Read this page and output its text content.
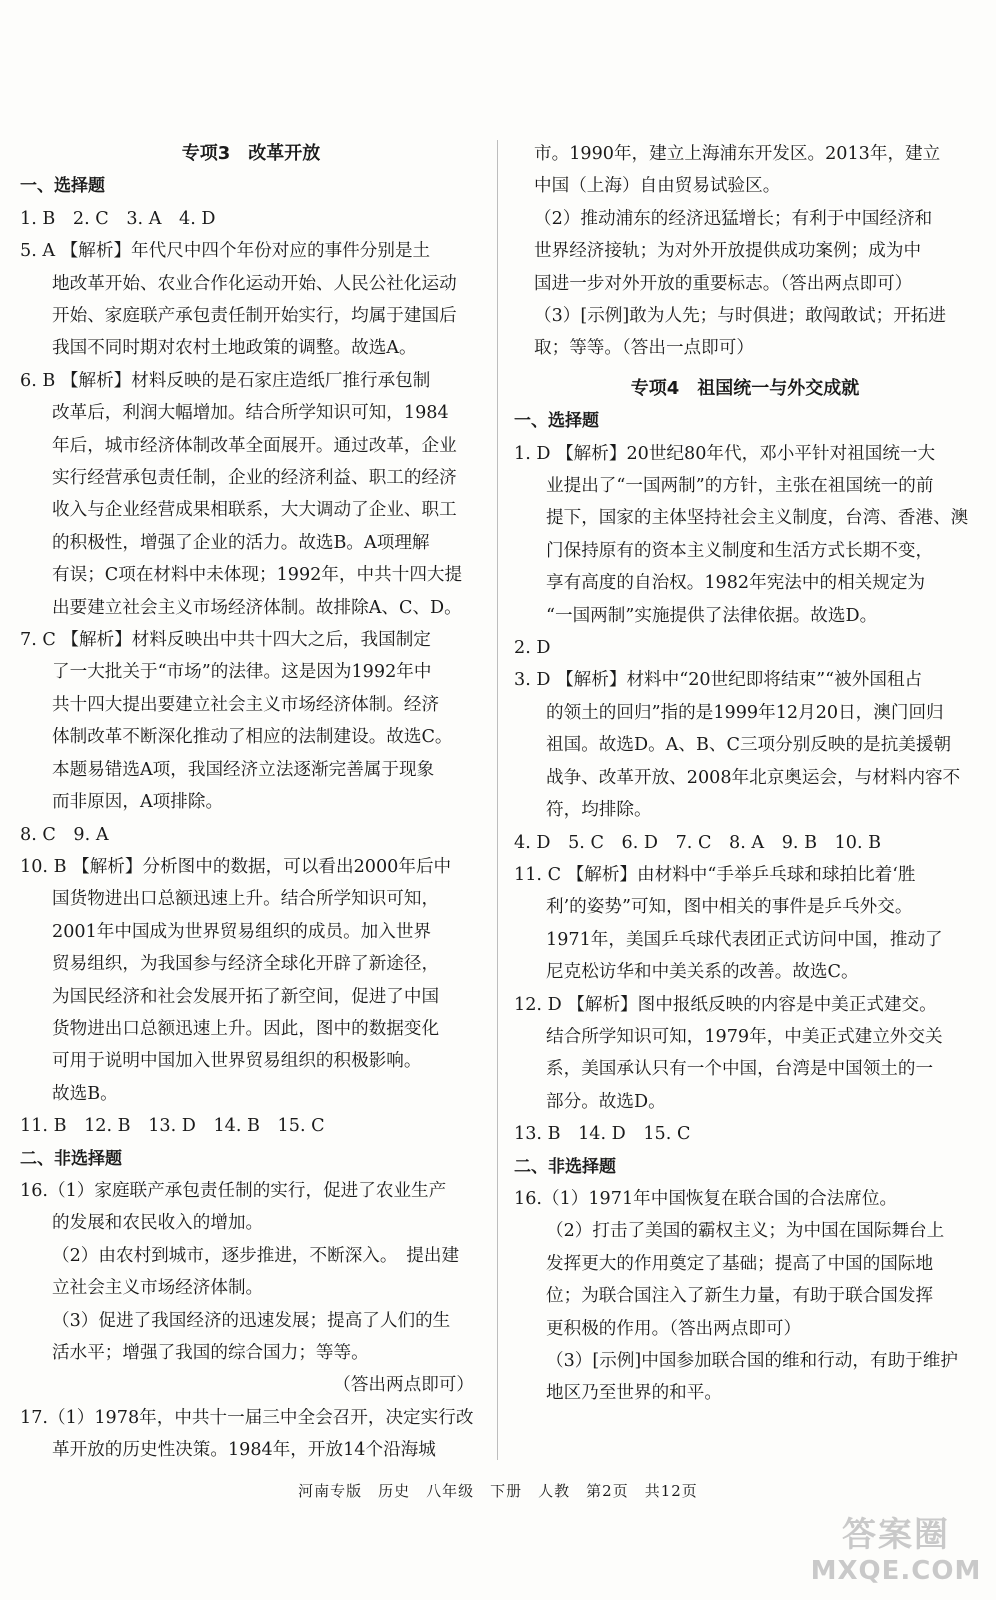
专项3　改革开放

一、选择题

1. B　2. C　3. A　4. D

5. A 【解析】年代尺中四个年份对应的事件分别是土

地改革开始、农业合作化运动开始、人民公社化运动

开始、家庭联产承包责任制开始实行，均属于建国后

我国不同时期对农村土地政策的调整。故选A。

6. B 【解析】材料反映的是石家庄造纸厂推行承包制

改革后，利润大幅增加。结合所学知识可知，1984

年后，城市经济体制改革全面展开。通过改革，企业

实行经营承包责任制，企业的经济利益、职工的经济

收入与企业经营成果相联系，大大调动了企业、职工

的积极性，增强了企业的活力。故选B。A项理解

有误；C项在材料中未体现；1992年，中共十四大提

出要建立社会主义市场经济体制。故排除A、C、D。

7. C 【解析】材料反映出中共十四大之后，我国制定

了一大批关于“市场”的法律。这是因为1992年中

共十四大提出要建立社会主义市场经济体制。经济

体制改革不断深化推动了相应的法制建设。故选C。

本题易错选A项，我国经济立法逐渐完善属于现象

而非原因，A项排除。

8. C　9. A

10. B 【解析】分析图中的数据，可以看出2000年后中

国货物进出口总额迅速上升。结合所学知识可知，

2001年中国成为世界贸易组织的成员。加入世界

贸易组织，为我国参与经济全球化开辟了新途径，

为国民经济和社会发展开拓了新空间，促进了中国

货物进出口总额迅速上升。因此，图中的数据变化

可用于说明中国加入世界贸易组织的积极影响。

故选B。

11. B　12. B　13. D　14. B　15. C

二、非选择题

16.（1）家庭联产承包责任制的实行，促进了农业生产

的发展和农民收入的增加。

（2）由农村到城市，逐步推进，不断深入。　提出建

立社会主义市场经济体制。

（3）促进了我国经济的迅速发展；提高了人们的生

活水平；增强了我国的综合国力；等等。

（答出两点即可）

17.（1）1978年，中共十一届三中全会召开，决定实行改

革开放的历史性决策。1984年，开放14个沿海城

市。1990年，建立上海浦东开发区。2013年，建立

中国（上海）自由贸易试验区。

（2）推动浦东的经济迅猛增长；有利于中国经济和

世界经济接轨；为对外开放提供成功案例；成为中

国进一步对外开放的重要标志。（答出两点即可）

（3）[示例]敢为人先；与时俱进；敢闯敢试；开拓进

取；等等。（答出一点即可）

专项4　祖国统一与外交成就

一、选择题

1. D 【解析】20世纪80年代，邓小平针对祖国统一大

业提出了“一国两制”的方针，主张在祖国统一的前

提下，国家的主体坚持社会主义制度，台湾、香港、澳

门保持原有的资本主义制度和生活方式长期不变，

享有高度的自治权。1982年宪法中的相关规定为

“一国两制”实施提供了法律依据。故选D。

2. D

3. D 【解析】材料中“20世纪即将结束”“被外国租占

的领土的回归”指的是1999年12月20日，澳门回归

祖国。故选D。A、B、C三项分别反映的是抗美援朝

战争、改革开放、2008年北京奥运会，与材料内容不

符，均排除。

4. D　5. C　6. D　7. C　8. A　9. B　10. B

11. C 【解析】由材料中“手举乒乓球和球拍比着‘胜

利’的姿势”可知，图中相关的事件是乒乓外交。

1971年，美国乒乓球代表团正式访问中国，推动了

尼克松访华和中美关系的改善。故选C。

12. D 【解析】图中报纸反映的内容是中美正式建交。

结合所学知识可知，1979年，中美正式建立外交关

系，美国承认只有一个中国，台湾是中国领土的一

部分。故选D。

13. B　14. D　15. C

二、非选择题

16.（1）1971年中国恢复在联合国的合法席位。

（2）打击了美国的霸权主义；为中国在国际舞台上

发挥更大的作用奠定了基础；提高了中国的国际地

位；为联合国注入了新生力量，有助于联合国发挥

更积极的作用。（答出两点即可）

（3）[示例]中国参加联合国的维和行动，有助于维护

地区乃至世界的和平。

河南专版　历史　八年级　下册　人教　第2页　共12页
答案圈
MXQE.COM
